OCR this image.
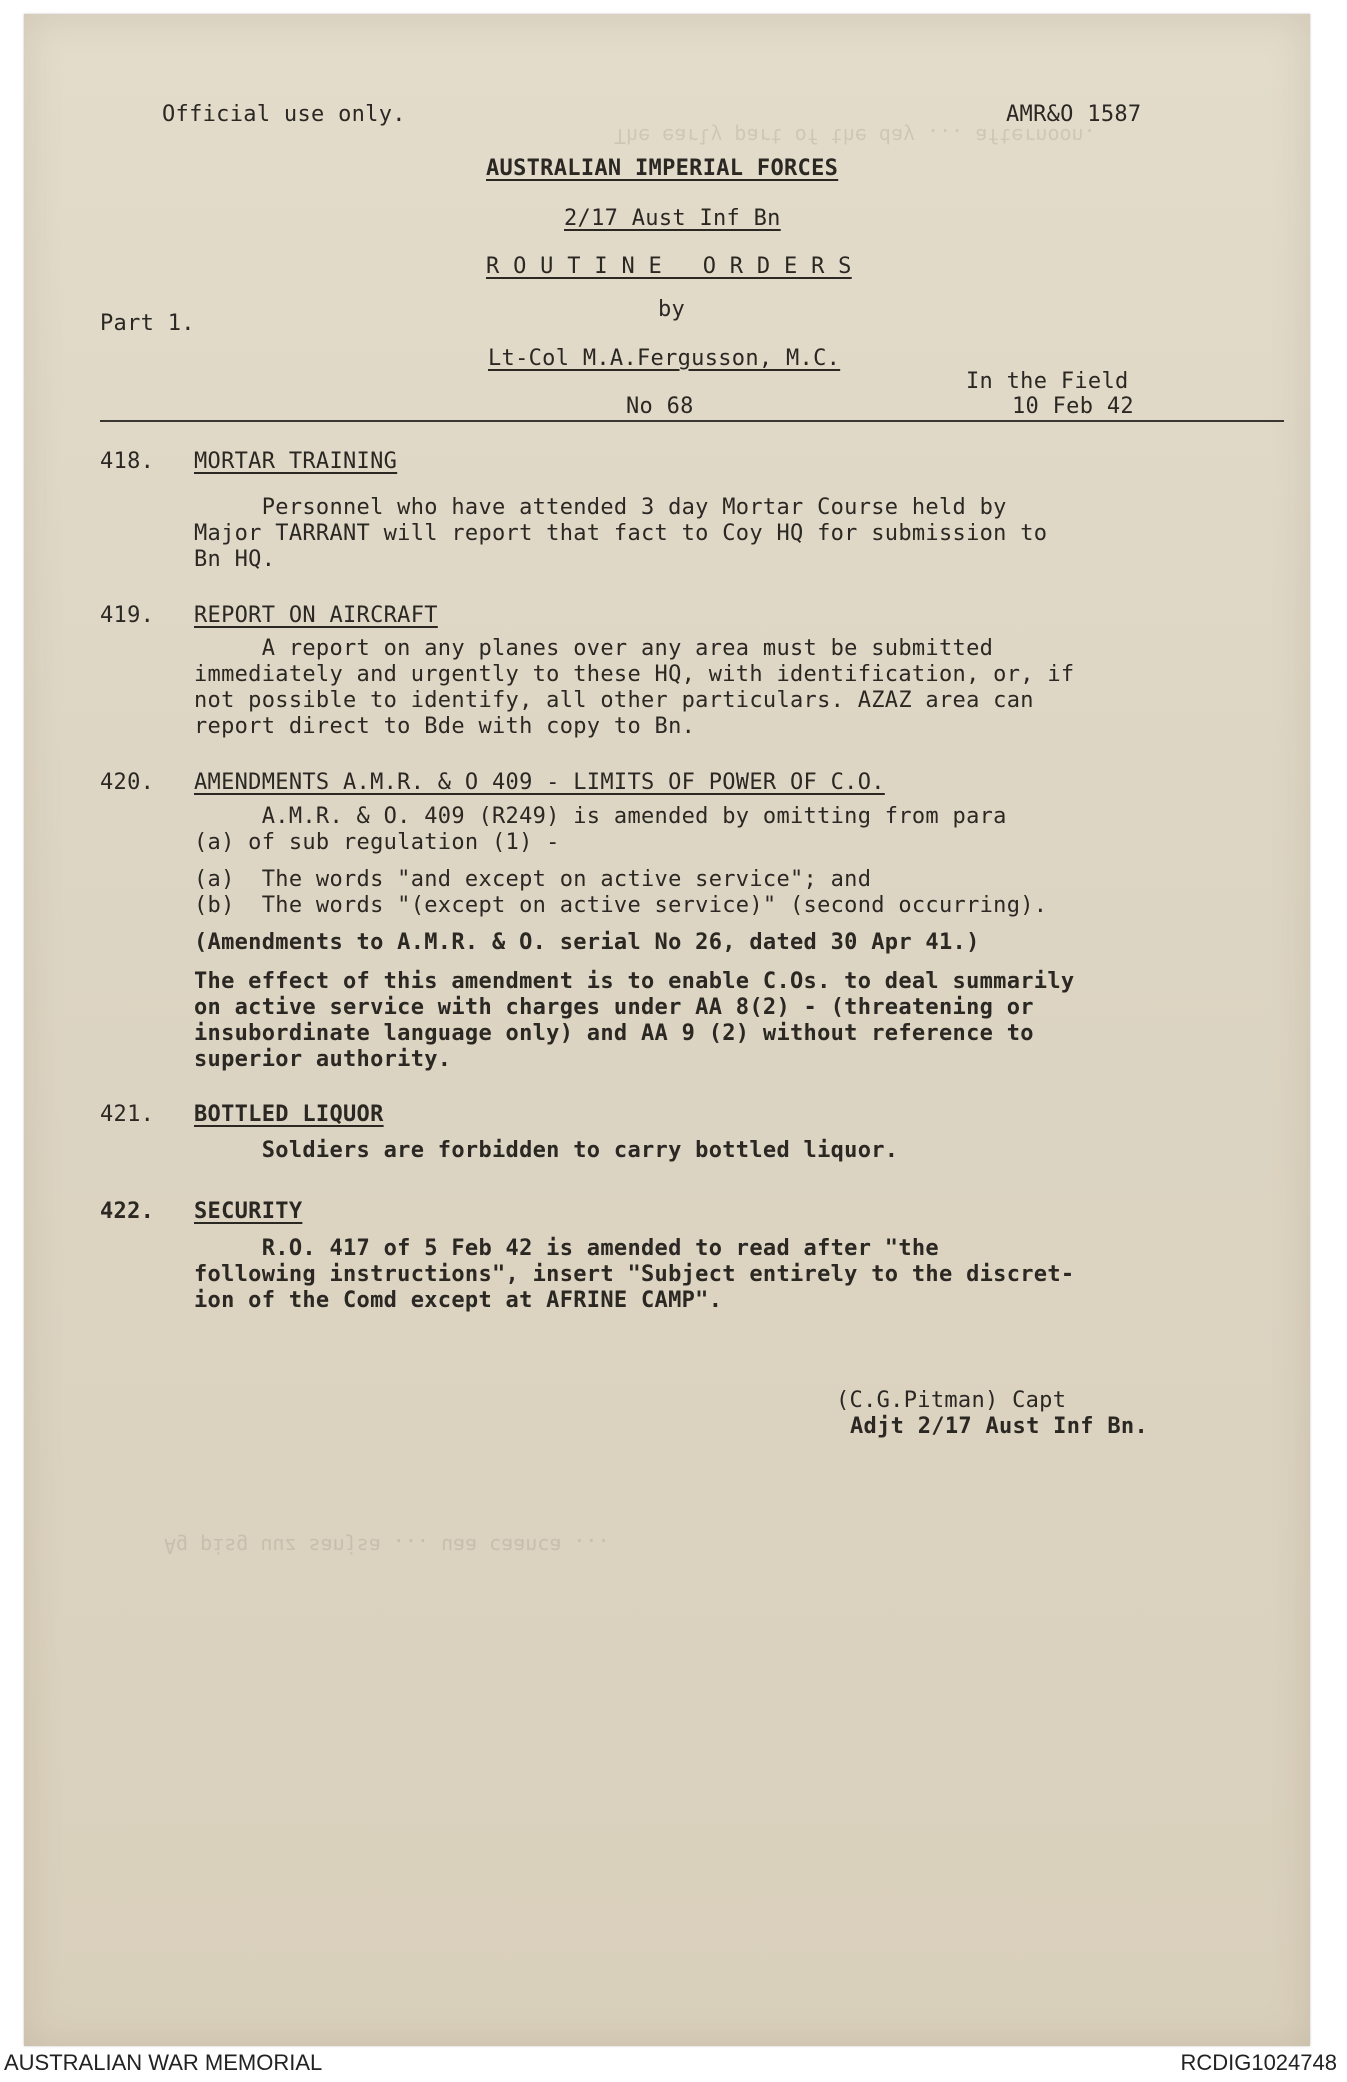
The early part of the day ... afternoon.
Ag pisg uuz sanjsa ... uaa caanca ...
Official use only.	AMR&O 1587
AUSTRALIAN IMPERIAL FORCES
2/17 Aust Inf Bn
R O U T I N E   O R D E R S
by
Part 1.
Lt-Col M.A.Fergusson, M.C.
In the Field
No 68	10 Feb 42
418. MORTAR TRAINING
Personnel who have attended 3 day Mortar Course held by
Major TARRANT will report that fact to Coy HQ for submission to
Bn HQ.
419. REPORT ON AIRCRAFT
A report on any planes over any area must be submitted
immediately and urgently to these HQ, with identification, or, if
not possible to identify, all other particulars. AZAZ area can
report direct to Bde with copy to Bn.
420. AMENDMENTS A.M.R. & O 409 - LIMITS OF POWER OF C.O.
A.M.R. & O. 409 (R249) is amended by omitting from para
(a) of sub regulation (1) -
(a)  The words "and except on active service"; and
(b)  The words "(except on active service)" (second occurring).
(Amendments to A.M.R. & O. serial No 26, dated 30 Apr 41.)
The effect of this amendment is to enable C.Os. to deal summarily
on active service with charges under AA 8(2) - (threatening or
insubordinate language only) and AA 9 (2) without reference to
superior authority.
421. BOTTLED LIQUOR
Soldiers are forbidden to carry bottled liquor.
422. SECURITY
R.O. 417 of 5 Feb 42 is amended to read after "the
following instructions", insert "Subject entirely to the discret-
ion of the Comd except at AFRINE CAMP".
(C.G.Pitman) Capt
Adjt 2/17 Aust Inf Bn.
AUSTRALIAN WAR MEMORIAL	RCDIG1024748
